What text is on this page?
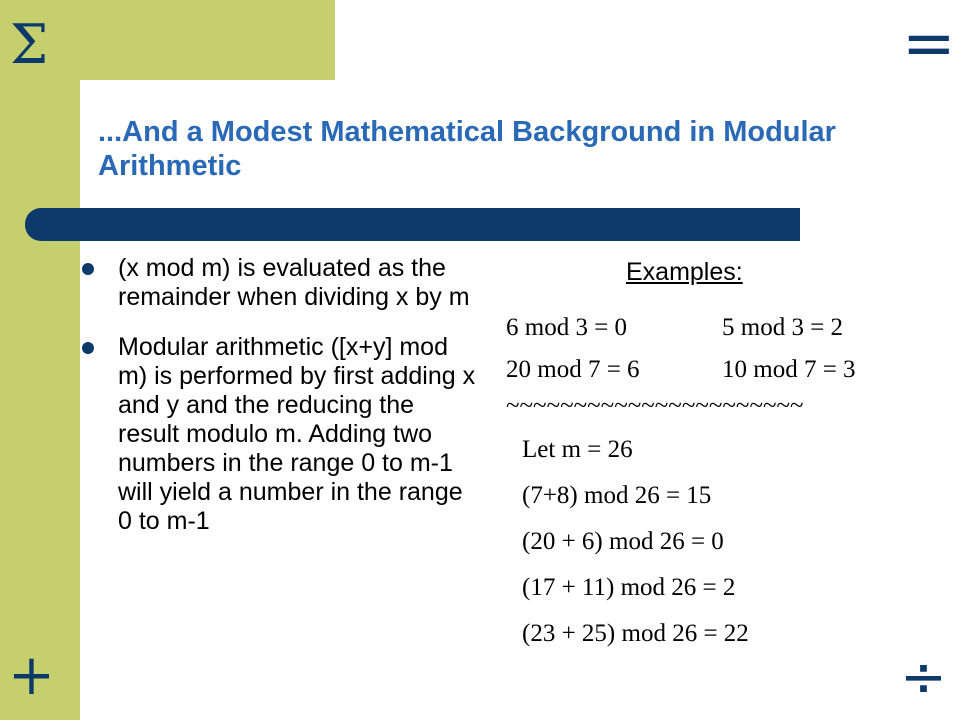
Σ	=
+	÷
...And a Modest Mathematical Background in Modular Arithmetic
(x mod m) is evaluated as the remainder when dividing x by m
Modular arithmetic ([x+y] mod m) is performed by first adding x and y and the reducing the result modulo m. Adding two numbers in the range 0 to m-1 will yield a number in the range 0 to m-1
Examples:
6 mod 3 = 0	5 mod 3 = 2
20 mod 7 = 6	10 mod 7 = 3
~~~~~~~~~~~~~~~~~~~~~~
Let m = 26
(7+8) mod 26 = 15
(20 + 6) mod 26 = 0
(17 + 11) mod 26 = 2
(23 + 25) mod 26 = 22
